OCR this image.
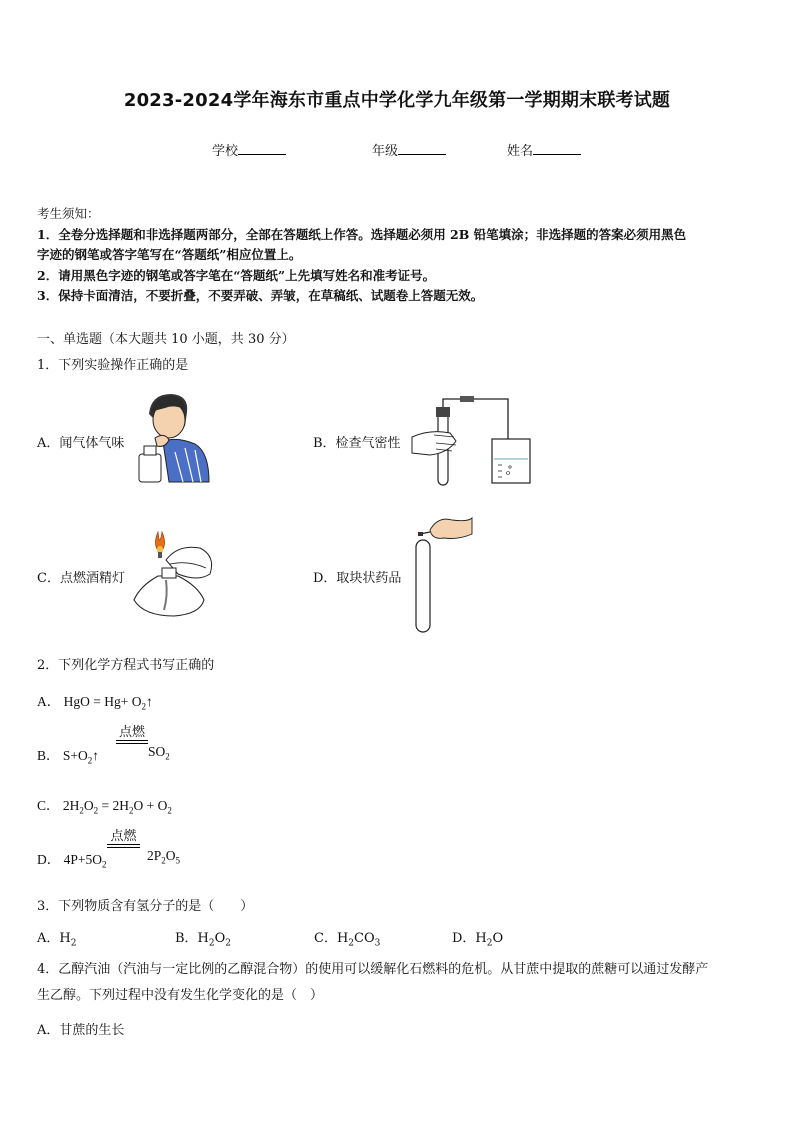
2023-2024学年海东市重点中学化学九年级第一学期期末联考试题
学校	年级	姓名
考生须知：
1．全卷分选择题和非选择题两部分，全部在答题纸上作答。选择题必须用 2B 铅笔填涂；非选择题的答案必须用黑色
字迹的钢笔或答字笔写在“答题纸”相应位置上。
2．请用黑色字迹的钢笔或答字笔在“答题纸”上先填写姓名和准考证号。
3．保持卡面清洁，不要折叠，不要弄破、弄皱，在草稿纸、试题卷上答题无效。
一、单选题（本大题共 10 小题，共 30 分）
1．下列实验操作正确的是
A．闻气体气味	B．检查气密性
C．点燃酒精灯	D．取块状药品
2．下列化学方程式书写正确的
A． HgO = $Hg+ O_2↑$
B． $S+O_2↑$
点燃
$SO_2$
C． $2H_2O_2 = 2H_2O + O_2$
D． $4P+5O_2$
点燃
$2P_2O_5$
3．下列物质含有氢分子的是（　　）
A．$H_2$	B．$H_2O_2$	C．$H_2CO_3$	D．$H_2O$
4．乙醇汽油（汽油与一定比例的乙醇混合物）的使用可以缓解化石燃料的危机。从甘蔗中提取的蔗糖可以通过发酵产
生乙醇。下列过程中没有发生化学变化的是（　）
A．甘蔗的生长
